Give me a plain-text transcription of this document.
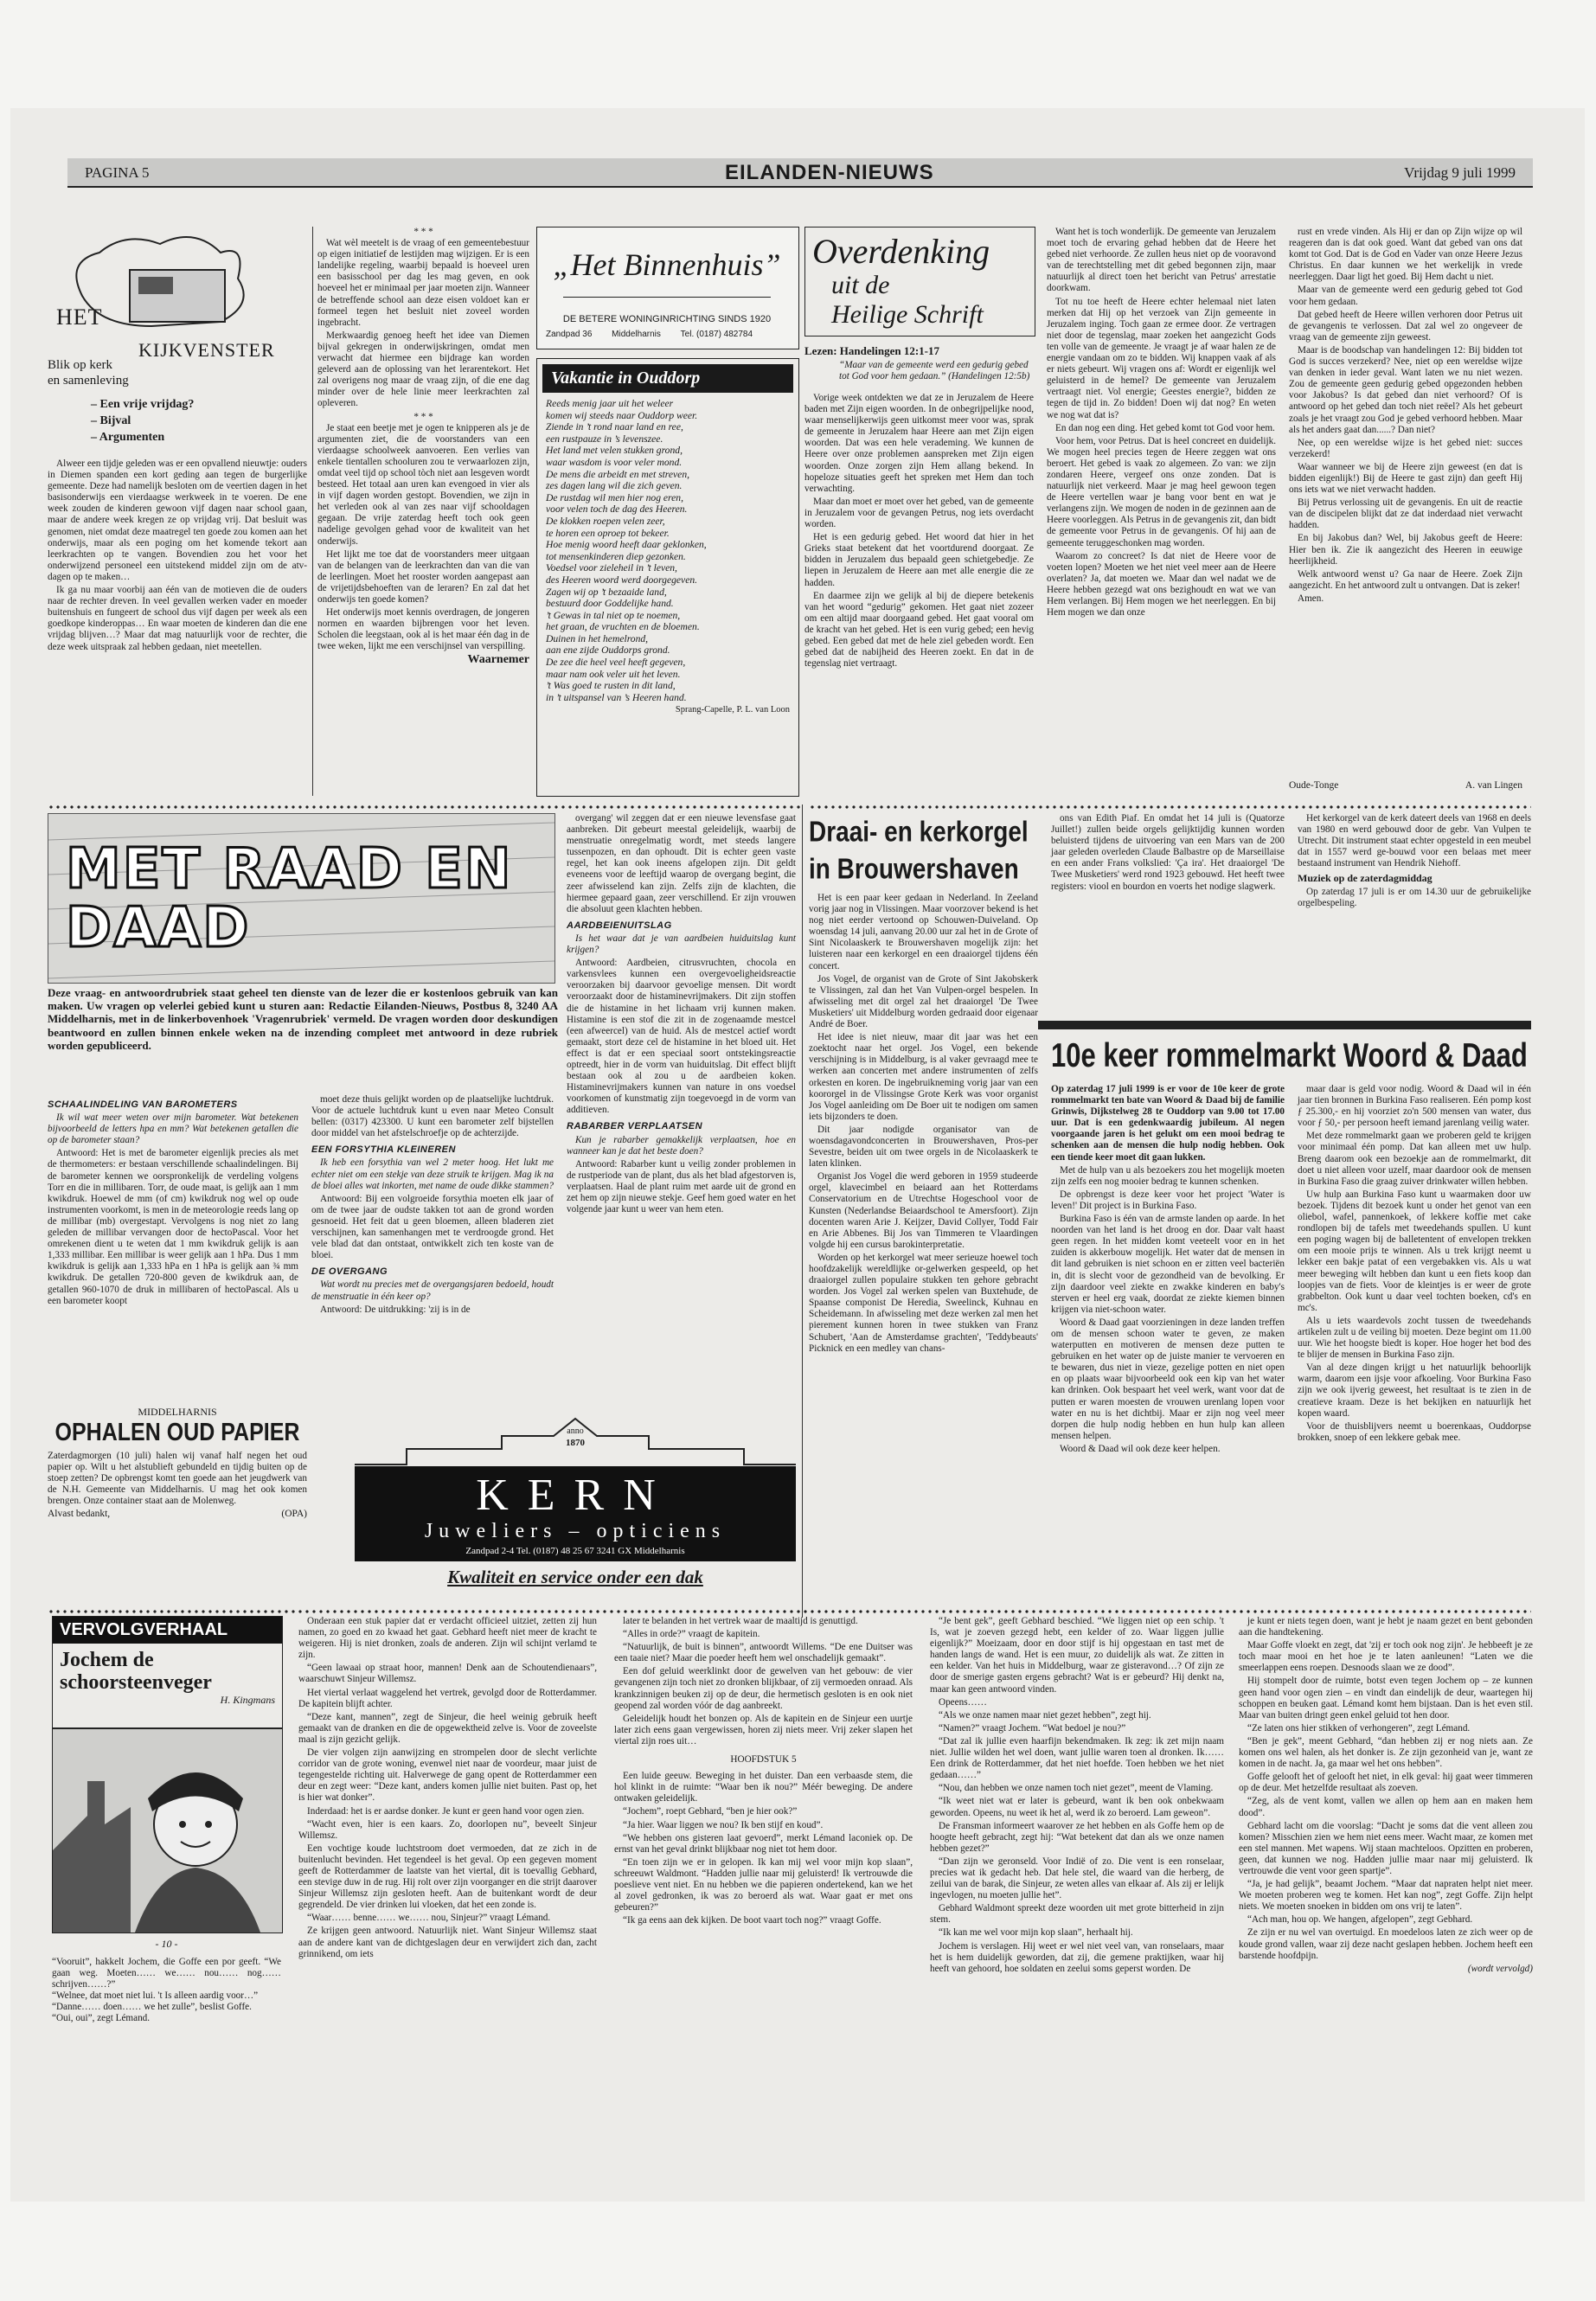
PAGINA 5	EILANDEN-NIEUWS	Vrijdag 9 juli 1999
HET
KIJKVENSTER
Blik op kerk
en samenleving
– Een vrije vrijdag?
– Bijval
– Argumenten

Alweer een tijdje geleden was er een opvallend nieuwtje: ouders in Diemen spanden een kort geding aan tegen de burgerlijke gemeente. Deze had namelijk besloten om de veertien dagen in het basisonderwijs een vierdaagse werkweek in te voeren. De ene week zouden de kinderen gewoon vijf dagen naar school gaan, maar de andere week kregen ze op vrijdag vrij. Dat besluit was genomen, niet omdat deze maatregel ten goede zou komen aan het onderwijs, maar als een poging om het komende tekort aan leerkrachten op te vangen. Bovendien zou het voor het onderwijzend personeel een uitstekend middel zijn om de atv-dagen op te maken…

Ik ga nu maar voorbij aan één van de motieven die de ouders naar de rechter dreven. In veel gevallen werken vader en moeder buitenshuis en fungeert de school dus vijf dagen per week als een goedkope kinderoppas… En waar moeten de kinderen dan die ene vrijdag blijven…? Maar dat mag natuurlijk voor de rechter, die deze week uitspraak zal hebben gedaan, niet meetellen.

* * *

Wat wèl meetelt is de vraag of een gemeentebestuur op eigen initiatief de lestijden mag wijzigen. Er is een landelijke regeling, waarbij bepaald is hoeveel uren een basisschool per dag les mag geven, en ook hoeveel het er minimaal per jaar moeten zijn. Wanneer de betreffende school aan deze eisen voldoet kan er formeel tegen het besluit niet zoveel worden ingebracht.

Merkwaardig genoeg heeft het idee van Diemen bijval gekregen in onderwijskringen, omdat men verwacht dat hiermee een bijdrage kan worden geleverd aan de oplossing van het lerarentekort. Het zal overigens nog maar de vraag zijn, of die ene dag minder over de hele linie meer leerkrachten zal opleveren.

* * *

Je staat een beetje met je ogen te knipperen als je de argumenten ziet, die de voorstanders van een vierdaagse schoolweek aanvoeren. Een verlies van enkele tientallen schooluren zou te verwaarlozen zijn, omdat veel tijd op school tòch niet aan lesgeven wordt besteed. Het totaal aan uren kan evengoed in vier als in vijf dagen worden gestopt. Bovendien, we zijn in het verleden ook al van zes naar vijf schooldagen gegaan. De vrije zaterdag heeft toch ook geen nadelige gevolgen gehad voor de kwaliteit van het onderwijs.

Het lijkt me toe dat de voorstanders meer uitgaan van de belangen van de leerkrachten dan van die van de leerlingen. Moet het rooster worden aangepast aan de vrijetijdsbehoeften van de leraren? En zal dat het onderwijs ten goede komen?

Het onderwijs moet kennis overdragen, de jongeren normen en waarden bijbrengen voor het leven. Scholen die leegstaan, ook al is het maar één dag in de twee weken, lijkt me een verschijnsel van verspilling.

Waarnemer
„Het Binnenhuis”
DE BETERE WONINGINRICHTING SINDS 1920
Zandpad 36 Middelharnis Tel. (0187) 482784
Vakantie in Ouddorp
Reeds menig jaar uit het weleer
komen wij steeds naar Ouddorp weer.
Ziende in ’t rond naar land en ree,
een rustpauze in ’s levenszee.
Het land met velen stukken grond,
waar wasdom is voor veler mond.
De mens die arbeidt en met streven,
zes dagen lang wil die zich geven.
De rustdag wil men hier nog eren,
voor velen toch de dag des Heeren.
De klokken roepen velen zeer,
te horen een oproep tot bekeer.
Hoe menig woord heeft daar geklonken,
tot mensenkinderen diep gezonken.
Voedsel voor zieleheil in ’t leven,
des Heeren woord werd doorgegeven.
Zagen wij op ’t bezaaide land,
bestuurd door Goddelijke hand.
’t Gewas in tal niet op te noemen,
het graan, de vruchten en de bloemen.
Duinen in het hemelrond,
aan ene zijde Ouddorps grond.
De zee die heel veel heeft gegeven,
maar nam ook veler uit het leven.
’t Was goed te rusten in dit land,
in ’t uitspansel van ’s Heeren hand.
Sprang-Capelle, P. L. van Loon
Overdenking
uit de
Heilige Schrift
Lezen: Handelingen 12:1-17
“Maar van de gemeente werd een gedurig gebed tot God voor hem gedaan.” (Handelingen 12:5b)

Vorige week ontdekten we dat ze in Jeruzalem de Heere baden met Zijn eigen woorden. In de onbegrijpelijke nood, waar menselijkerwijs geen uitkomst meer voor was, sprak de gemeente in Jeruzalem haar Heere aan met Zijn eigen woorden. Dat was een hele verademing. We kunnen de Heere over onze problemen aanspreken met Zijn eigen woorden. Onze zorgen zijn Hem allang bekend. In hopeloze situaties geeft het spreken met Hem dan toch verwachting.

Maar dan moet er moet over het gebed, van de gemeente in Jeruzalem voor de gevangen Petrus, nog iets overdacht worden.

Het is een gedurig gebed. Het woord dat hier in het Grieks staat betekent dat het voortdurend doorgaat. Ze bidden in Jeruzalem dus bepaald geen schietgebedje. Ze liepen in Jeruzalem de Heere aan met alle energie die ze hadden.

En daarmee zijn we gelijk al bij de diepere betekenis van het woord “gedurig” gekomen. Het gaat niet zozeer om een altijd maar doorgaand gebed. Het gaat vooral om de kracht van het gebed. Het is een vurig gebed; een hevig gebed. Een gebed dat met de hele ziel gebeden wordt. Een gebed dat de nabijheid des Heeren zoekt. En dat in de tegenslag niet vertraagt.

Want het is toch wonderlijk. De gemeente van Jeruzalem moet toch de ervaring gehad hebben dat de Heere het gebed niet verhoorde. Ze zullen heus niet op de vooravond van de terechtstelling met dit gebed begonnen zijn, maar natuurlijk al direct toen het bericht van Petrus' arrestatie doorkwam.

Tot nu toe heeft de Heere echter helemaal niet laten merken dat Hij op het verzoek van Zijn gemeente in Jeruzalem inging. Toch gaan ze ermee door. Ze vertragen niet door de tegenslag, maar zoeken het aangezicht Gods ten volle van de gemeente. Je vraagt je af waar halen ze de energie vandaan om zo te bidden. Wij knappen vaak af als er niets gebeurt. Wij vragen ons af: Wordt er eigenlijk wel geluisterd in de hemel? De gemeente van Jeruzalem vertraagt niet. Vol energie; Geestes energie?, bidden ze tegen de tijd in. Zo bidden! Doen wij dat nog? En weten we nog wat dat is?

En dan nog een ding. Het gebed komt tot God voor hem.

Voor hem, voor Petrus. Dat is heel concreet en duidelijk. We mogen heel precies tegen de Heere zeggen wat ons beroert. Het gebed is vaak zo algemeen. Zo van: we zijn zondaren Heere, vergeef ons onze zonden. Dat is natuurlijk niet verkeerd. Maar je mag heel gewoon tegen de Heere vertellen waar je bang voor bent en wat je verlangens zijn. We mogen de noden in de gezinnen aan de Heere voorleggen. Als Petrus in de gevangenis zit, dan bidt de gemeente voor Petrus in de gevangenis. Of hij aan de gemeente teruggeschonken mag worden.

Waarom zo concreet? Is dat niet de Heere voor de voeten lopen? Moeten we het niet veel meer aan de Heere overlaten? Ja, dat moeten we. Maar dan wel nadat we de Heere hebben gezegd wat ons bezighoudt en wat we van Hem verlangen. Bij Hem mogen we het neerleggen. En bij Hem mogen we dan onze

rust en vrede vinden. Als Hij er dan op Zijn wijze op wil reageren dan is dat ook goed. Want dat gebed van ons dat komt tot God. Dat is de God en Vader van onze Heere Jezus Christus. En daar kunnen we het werkelijk in vrede neerleggen. Daar ligt het goed. Bij Hem dacht u niet.

Maar van de gemeente werd een gedurig gebed tot God voor hem gedaan.

Dat gebed heeft de Heere willen verhoren door Petrus uit de gevangenis te verlossen. Dat zal wel zo ongeveer de vraag van de gemeente zijn geweest.

Maar is de boodschap van handelingen 12: Bij bidden tot God is succes verzekerd? Nee, niet op een wereldse wijze van denken in ieder geval. Want laten we nu niet wezen. Zou de gemeente geen gedurig gebed opgezonden hebben voor Jakobus? Is dat gebed dan niet verhoord? Of is antwoord op het gebed dan toch niet reëel? Als het gebeurt zoals je het vraagt zou God je gebed verhoord hebben. Maar als het anders gaat dan......? Dan niet?

Nee, op een wereldse wijze is het gebed niet: succes verzekerd!

Waar wanneer we bij de Heere zijn geweest (en dat is bidden eigenlijk!) Bij de Heere te gast zijn) dan geeft Hij ons iets wat we niet verwacht hadden.

Bij Petrus verlossing uit de gevangenis. En uit de reactie van de discipelen blijkt dat ze dat inderdaad niet verwacht hadden.

En bij Jakobus dan? Wel, bij Jakobus geeft de Heere: Hier ben ik. Zie ik aangezicht des Heeren in eeuwige heerlijkheid.

Welk antwoord wenst u? Ga naar de Heere. Zoek Zijn aangezicht. En het antwoord zult u ontvangen. Dat is zeker!

Amen.

Oude-Tonge	A. van Lingen
MET RAAD EN DAAD
Deze vraag- en antwoordrubriek staat geheel ten dienste van de lezer die er kostenloos gebruik van kan maken. Uw vragen op velerlei gebied kunt u sturen aan: Redactie Eilanden-Nieuws, Postbus 8, 3240 AA Middelharnis, met in de linkerbovenhoek 'Vragenrubriek' vermeld. De vragen worden door deskundigen beantwoord en zullen binnen enkele weken na de inzending compleet met antwoord in deze rubriek worden gepubliceerd.
SCHAALINDELING VAN BAROMETERS

Ik wil wat meer weten over mijn barometer. Wat betekenen bijvoorbeeld de letters hpa en mm? Wat betekenen getallen die op de barometer staan?

Antwoord: Het is met de barometer eigenlijk precies als met de thermometers: er bestaan verschillende schaalindelingen. Bij de barometer kennen we oorspronkelijk de verdeling volgens Torr en die in millibaren. Torr, de oude maat, is gelijk aan 1 mm kwikdruk. Hoewel de mm (of cm) kwikdruk nog wel op oude instrumenten voorkomt, is men in de meteorologie reeds lang op de millibar (mb) overgestapt. Vervolgens is nog niet zo lang geleden de millibar vervangen door de hectoPascal. Voor het omrekenen dient u te weten dat 1 mm kwikdruk gelijk is aan 1,333 millibar. Een millibar is weer gelijk aan 1 hPa. Dus 1 mm kwikdruk is gelijk aan 1,333 hPa en 1 hPa is gelijk aan ¾ mm kwikdruk. De getallen 720-800 geven de kwikdruk aan, de getallen 960-1070 de druk in millibaren of hectoPascal. Als u een barometer koopt

moet deze thuis gelijkt worden op de plaatselijke luchtdruk. Voor de actuele luchtdruk kunt u even naar Meteo Consult bellen: (0317) 423300. U kunt een barometer zelf bijstellen door middel van het afstelschroefje op de achterzijde.

EEN FORSYTHIA KLEINEREN

Ik heb een forsythia van wel 2 meter hoog. Het lukt me echter niet om een stekje van deze struik te krijgen. Mag ik na de bloei alles wat inkorten, met name de oude dikke stammen?

Antwoord: Bij een volgroeide forsythia moeten elk jaar of om de twee jaar de oudste takken tot aan de grond worden gesnoeid. Het feit dat u geen bloemen, alleen bladeren ziet verschijnen, kan samenhangen met te verdroogde grond. Het vele blad dat dan ontstaat, ontwikkelt zich ten koste van de bloei.

DE OVERGANG

Wat wordt nu precies met de overgangsjaren bedoeld, houdt de menstruatie in één keer op?

Antwoord: De uitdrukking: 'zij is in de

overgang' wil zeggen dat er een nieuwe levensfase gaat aanbreken. Dit gebeurt meestal geleidelijk, waarbij de menstruatie onregelmatig wordt, met steeds langere tussenpozen, en dan ophoudt. Dit is echter geen vaste regel, het kan ook ineens afgelopen zijn. Dit geldt eveneens voor de leeftijd waarop de overgang begint, die zeer afwisselend kan zijn. Zelfs zijn de klachten, die hiermee gepaard gaan, zeer verschillend. Er zijn vrouwen die absoluut geen klachten hebben.

AARDBEIENUITSLAG

Is het waar dat je van aardbeien huiduitslag kunt krijgen?

Antwoord: Aardbeien, citrusvruchten, chocola en varkensvlees kunnen een overgevoeligheidsreactie veroorzaken bij daarvoor gevoelige mensen. Dit wordt veroorzaakt door de histaminevrijmakers. Dit zijn stoffen die de histamine in het lichaam vrij kunnen maken. Histamine is een stof die zit in de zogenaamde mestcel (een afweercel) van de huid. Als de mestcel actief wordt gemaakt, stort deze cel de histamine in het bloed uit. Het effect is dat er een speciaal soort ontstekingsreactie optreedt, hier in de vorm van huiduitslag. Dit effect blijft bestaan ook al zou u de aardbeien koken. Histaminevrijmakers kunnen van nature in ons voedsel voorkomen of kunstmatig zijn toegevoegd in de vorm van additieven.

RABARBER VERPLAATSEN

Kun je rabarber gemakkelijk verplaatsen, hoe en wanneer kan je dat het beste doen?

Antwoord: Rabarber kunt u veilig zonder problemen in de rustperiode van de plant, dus als het blad afgestorven is, verplaatsen. Haal de plant ruim met aarde uit de grond en zet hem op zijn nieuwe stekje. Geef hem goed water en het volgende jaar kunt u weer van hem eten.

MIDDELHARNIS
OPHALEN OUD PAPIER
Zaterdagmorgen (10 juli) halen wij vanaf half negen het oud papier op. Wilt u het alstublieft gebundeld en tijdig buiten op de stoep zetten? De opbrengst komt ten goede aan het jeugdwerk van de N.H. Gemeente van Middelharnis. U mag het ook komen brengen. Onze container staat aan de Molenweg.
Alvast bedankt,	(OPA)
anno
1870
KERN
Juweliers – opticiens
Zandpad 2-4 Tel. (0187) 48 25 67 3241 GX Middelharnis
Kwaliteit en service onder een dak
Draai- en kerkorgel
in Brouwershaven

Het is een paar keer gedaan in Nederland. In Zeeland vorig jaar nog in Vlissingen. Maar voorzover bekend is het nog niet eerder vertoond op Schouwen-Duiveland. Op woensdag 14 juli, aanvang 20.00 uur zal het in de Grote of Sint Nicolaaskerk te Brouwershaven mogelijk zijn: het luisteren naar een kerkorgel en een draaiorgel tijdens één concert.

Jos Vogel, de organist van de Grote of Sint Jakobskerk te Vlissingen, zal dan het Van Vulpen-orgel bespelen. In afwisseling met dit orgel zal het draaiorgel 'De Twee Musketiers' uit Middelburg worden gedraaid door eigenaar André de Boer.

Het idee is niet nieuw, maar dit jaar was het een zoektocht naar het orgel. Jos Vogel, een bekende verschijning is in Middelburg, is al vaker gevraagd mee te werken aan concerten met andere instrumenten of zelfs orkesten en koren. De ingebruikneming vorig jaar van een koororgel in de Vlissingse Grote Kerk was voor organist Jos Vogel aanleiding om De Boer uit te nodigen om samen iets bijzonders te doen.

Dit jaar nodigde organisator van de woensdagavondconcerten in Brouwershaven, Pros-per Sevestre, beiden uit om twee orgels in de Nicolaaskerk te laten klinken.

Organist Jos Vogel die werd geboren in 1959 studeerde orgel, klavecimbel en beiaard aan het Rotterdams Conservatorium en de Utrechtse Hogeschool voor de Kunsten (Nederlandse Beiaardschool te Amersfoort). Zijn docenten waren Arie J. Keijzer, David Collyer, Todd Fair en Arie Abbenes. Bij Jos van Timmeren te Vlaardingen volgde hij een cursus barokinterpretatie.

Worden op het kerkorgel wat meer serieuze hoewel toch hoofdzakelijk wereldlijke or-gelwerken gespeeld, op het draaiorgel zullen populaire stukken ten gehore gebracht worden. Jos Vogel zal werken spelen van Buxtehude, de Spaanse componist De Heredia, Sweelinck, Kuhnau en Scheidemann. In afwisseling met deze werken zal men het pierement kunnen horen in twee stukken van Franz Schubert, 'Aan de Amsterdamse grachten', 'Teddybeauts' Picknick en een medley van chans-

ons van Edith Piaf. En omdat het 14 juli is (Quatorze Juillet!) zullen beide orgels gelijktijdig kunnen worden beluisterd tijdens de uitvoering van een Mars van de 200 jaar geleden overleden Claude Balbastre op de Marseillaise en een ander Frans volkslied: 'Ça ira'. Het draaiorgel 'De Twee Musketiers' werd rond 1923 gebouwd. Het heeft twee registers: viool en bourdon en voerts het nodige slagwerk.

Het kerkorgel van de kerk dateert deels van 1968 en deels van 1980 en werd gebouwd door de gebr. Van Vulpen te Utrecht. Dit instrument staat echter opgesteld in een meubel dat in 1557 werd ge-bouwd voor een belaas met meer bestaand instrument van Hendrik Niehoff.

Muziek op de zaterdagmiddag

Op zaterdag 17 juli is er om 14.30 uur de gebruikelijke orgelbespeling.

10e keer rommelmarkt Woord & Daad

Op zaterdag 17 juli 1999 is er voor de 10e keer de grote rommelmarkt ten bate van Woord & Daad bij de familie Grinwis, Dijkstelweg 28 te Ouddorp van 9.00 tot 17.00 uur. Dat is een gedenkwaardig jubileum. Al negen voorgaande jaren is het gelukt om een mooi bedrag te schenken aan de mensen die hulp nodig hebben. Ook een tiende keer moet dit gaan lukken.

Met de hulp van u als bezoekers zou het mogelijk moeten zijn zelfs een nog mooier bedrag te kunnen schenken.

De opbrengst is deze keer voor het project 'Water is leven!' Dit project is in Burkina Faso.

Burkina Faso is één van de armste landen op aarde. In het noorden van het land is het droog en dor. Daar valt haast geen regen. In het midden komt veeteelt voor en in het zuiden is akkerbouw mogelijk. Het water dat de mensen in dit land gebruiken is niet schoon en er zitten veel bacteriën in, dit is slecht voor de gezondheid van de bevolking. Er zijn daardoor veel ziekte en zwakke kinderen en baby's sterven er heel erg vaak, doordat ze ziekte kiemen binnen krijgen via niet-schoon water.

Woord & Daad gaat voorzieningen in deze landen treffen om de mensen schoon water te geven, ze maken waterputten en motiveren de mensen deze putten te gebruiken en het water op de juiste manier te vervoeren en te bewaren, dus niet in vieze, gezelige potten en niet open en op plaats waar bijvoorbeeld ook een kip van het water kan drinken. Ook bespaart het veel werk, want voor dat de putten er waren moesten de vrouwen urenlang lopen voor water en nu is het dichtbij. Maar er zijn nog veel meer dorpen die hulp nodig hebben en hun hulp kan alleen mensen helpen.

Woord & Daad wil ook deze keer helpen.

maar daar is geld voor nodig. Woord & Daad wil in één jaar tien bronnen in Burkina Faso realiseren. Eén pomp kost ƒ 25.300,- en hij voorziet zo'n 500 mensen van water, dus voor ƒ 50,- per persoon heeft iemand jarenlang veilig water.

Met deze rommelmarkt gaan we proberen geld te krijgen voor minimaal één pomp. Dat kan alleen met uw hulp. Breng daarom ook een bezoekje aan de rommelmarkt, dit doet u niet alleen voor uzelf, maar daardoor ook de mensen in Burkina Faso die graag zuiver drinkwater willen hebben.

Uw hulp aan Burkina Faso kunt u waarmaken door uw bezoek. Tijdens dit bezoek kunt u onder het genot van een oliebol, wafel, pannenkoek, of lekkere koffie met cake rondlopen bij de tafels met tweedehands spullen. U kunt een poging wagen bij de balletentent of envelopen trekken om een mooie prijs te winnen. Als u trek krijgt neemt u lekker een bakje patat of een vergebakken vis. Als u wat meer beweging wilt hebben dan kunt u een fiets koop dan loopjes van de fiets. Voor de kleintjes is er weer de grote grabbelton. Ook kunt u daar veel tochten boeken, cd's en mc's.

Als u iets waardevols zocht tussen de tweedehands artikelen zult u de veiling bij moeten. Deze begint om 11.00 uur. Wie het hoogste biedt is koper. Hoe hoger het bod des te blijer de mensen in Burkina Faso zijn.

Van al deze dingen krijgt u het natuurlijk behoorlijk warm, daarom een ijsje voor afkoeling. Voor Burkina Faso zijn we ook ijverig geweest, het resultaat is te zien in de creatieve kraam. Deze is het bekijken en natuurlijk het kopen waard.

Voor de thuisblijvers neemt u boerenkaas, Ouddorpse brokken, snoep of een lekkere gebak mee.

VERVOLGVERHAAL
Jochem de schoorsteenveger
H. Kingmans
- 10 -
“Vooruit”, hakkelt Jochem, die Goffe een por geeft. “We gaan weg. Moeten…… we…… nou…… nog…… schrijven……?”
“Welnee, dat moet niet lui. 't Is alleen aardig voor…”
“Danne…… doen…… we het zulle”, beslist Goffe.
“Oui, oui”, zegt Lémand.

Onderaan een stuk papier dat er verdacht officieel uitziet, zetten zij hun namen, zo goed en zo kwaad het gaat. Gebhard heeft niet meer de kracht te weigeren. Hij is niet dronken, zoals de anderen. Zijn wil schijnt verlamd te zijn.

“Geen lawaai op straat hoor, mannen! Denk aan de Schoutendienaars”, waarschuwt Sinjeur Willemsz.

Het viertal verlaat waggelend het vertrek, gevolgd door de Rotterdammer. De kapitein blijft achter.

“Deze kant, mannen”, zegt de Sinjeur, die heel weinig gebruik heeft gemaakt van de dranken en die de opgewektheid zelve is. Voor de zoveelste maal is zijn gezicht gelijk.

De vier volgen zijn aanwijzing en strompelen door de slecht verlichte corridor van de grote woning, evenwel niet naar de voordeur, maar juist de tegengestelde richting uit. Halverwege de gang opent de Rotterdammer een deur en zegt weer: “Deze kant, anders komen jullie niet buiten. Past op, het is hier wat donker”.

Inderdaad: het is er aardse donker. Je kunt er geen hand voor ogen zien.

“Wacht even, hier is een kaars. Zo, doorlopen nu”, beveelt Sinjeur Willemsz.

Een vochtige koude luchtstroom doet vermoeden, dat ze zich in de buitenlucht bevinden. Het tegendeel is het geval. Op een gegeven moment geeft de Rotterdammer de laatste van het viertal, dit is toevallig Gebhard, een stevige duw in de rug. Hij rolt over zijn voorganger en die strijt daarover Sinjeur Willemsz zijn gesloten heeft. Aan de buitenkant wordt de deur gegrendeld. De vier drinken lui vloeken, dat het een zonde is.

“Waar…… benne…… we…… nou, Sinjeur?” vraagt Lémand.

Ze krijgen geen antwoord. Natuurlijk niet. Want Sinjeur Willemsz staat aan de andere kant van de dichtgeslagen deur en verwijdert zich dan, zacht grinnikend, om iets

later te belanden in het vertrek waar de maaltijd is genuttigd.

“Alles in orde?” vraagt de kapitein.

“Natuurlijk, de buit is binnen”, antwoordt Willems. “De ene Duitser was een taaie niet? Maar die poeder heeft hem wel onschadelijk gemaakt”.

Een dof geluid weerklinkt door de gewelven van het gebouw: de vier gevangenen zijn toch niet zo dronken blijkbaar, of zij vermoeden onraad. Als krankzinnigen beuken zij op de deur, die hermetisch gesloten is en ook niet geopend zal worden vóór de dag aanbreekt.

Geleidelijk houdt het bonzen op. Als de kapitein en de Sinjeur een uurtje later zich eens gaan vergewissen, horen zij niets meer. Vrij zeker slapen het viertal zijn roes uit…

HOOFDSTUK 5

Een luide geeuw. Beweging in het duister. Dan een verbaasde stem, die hol klinkt in de ruimte: “Waar ben ik nou?” Méér beweging. De andere ontwaken geleidelijk.

“Jochem”, roept Gebhard, “ben je hier ook?”

“Ja hier. Waar liggen we nou? Ik ben stijf en koud”.

“We hebben ons gisteren laat gevoerd”, merkt Lémand laconiek op. De ernst van het geval drinkt blijkbaar nog niet tot hem door.

“En toen zijn we er in gelopen. Ik kan mij wel voor mijn kop slaan”, schreeuwt Waldmont. “Hadden jullie naar mij geluisterd! Ik vertrouwde die poeslieve vent niet. En nu hebben we die papieren ondertekend, kan we het al zovel gedronken, ik was zo beroerd als wat. Waar gaat er met ons gebeuren?”

“Ik ga eens aan dek kijken. De boot vaart toch nog?” vraagt Goffe.

“Je bent gek”, geeft Gebhard beschied. “We liggen niet op een schip. 't Is, wat je zoeven gezegd hebt, een kelder of zo. Waar liggen jullie eigenlijk?” Moeizaam, door en door stijf is hij opgestaan en tast met de handen langs de wand. Het is een muur, zo duidelijk als wat. Ze zitten in een kelder. Van het huis in Middelburg, waar ze gisteravond…? Of zijn ze door de smerige gasten ergens gebracht? Wat is er gebeurd? Hij denkt na, maar kan geen antwoord vinden.

Opeens……

“Als we onze namen maar niet gezet hebben”, zegt hij.

“Namen?” vraagt Jochem. “Wat bedoel je nou?”

“Dat zal ik jullie even haarfijn bekendmaken. Ik zeg: ik zet mijn naam niet. Jullie wilden het wel doen, want jullie waren toen al dronken. Ik…… Een drink de Rotterdammer, dat het niet hoefde. Toen hebben we het niet gedaan……”

“Nou, dan hebben we onze namen toch niet gezet”, meent de Vlaming.

“Ik weet niet wat er later is gebeurd, want ik ben ook onbekwaam geworden. Opeens, nu weet ik het al, werd ik zo beroerd. Lam geweon”.

De Fransman informeert waarover ze het hebben en als Goffe hem op de hoogte heeft gebracht, zegt hij: “Wat betekent dat dan als we onze namen hebben gezet?”

“Dan zijn we geronseld. Voor Indië of zo. Die vent is een ronselaar, precies wat ik gedacht heb. Dat hele stel, die waard van die herberg, de zeilui van de barak, die Sinjeur, ze weten alles van elkaar af. Als zij er lelijk ingevlogen, nu moeten jullie het”.

Gebhard Waldmont spreekt deze woorden uit met grote bitterheid in zijn stem.

“Ik kan me wel voor mijn kop slaan”, herhaalt hij.

Jochem is verslagen. Hij weet er wel niet veel van, van ronselaars, maar het is hem duidelijk geworden, dat zij, die gemene praktijken, waar hij heeft van gehoord, hoe soldaten en zeelui soms geperst worden. De

je kunt er niets tegen doen, want je hebt je naam gezet en bent gebonden aan die handtekening.

Maar Goffe vloekt en zegt, dat 'zij er toch ook nog zijn'. Je hebbeeft je ze toch maar mooi en het hoe je te laten aanleunen! “Laten we die smeerlappen eens roepen. Desnoods slaan we ze dood”.

Hij stompelt door de ruimte, botst even tegen Jochem op – ze kunnen geen hand voor ogen zien – en vindt dan eindelijk de deur, waartegen hij schoppen en beuken gaat. Lémand komt hem bijstaan. Dan is het even stil. Maar van buiten dringt geen enkel geluid tot hen door.

“Ze laten ons hier stikken of verhongeren”, zegt Lémand.

“Ben je gek”, meent Gebhard, “dan hebben zij er nog niets aan. Ze komen ons wel halen, als het donker is. Ze zijn gezonheid van je, want ze komen in de nacht. Ja, ga maar wel het ons hebben”.

Goffe gelooft het of gelooft het niet, in elk geval: hij gaat weer timmeren op de deur. Met hetzelfde resultaat als zoeven.

“Zeg, als de vent komt, vallen we allen op hem aan en maken hem dood”.

Gebhard lacht om die voorslag: “Dacht je soms dat die vent alleen zou komen? Misschien zien we hem niet eens meer. Wacht maar, ze komen met een stel mannen. Met wapens. Wij staan machteloos. Opzitten en proberen, geen, dat kunnen we nog. Hadden jullie maar naar mij geluisterd. Ik vertrouwde die vent voor geen spartje”.

“Ja, je had gelijk”, beaamt Jochem. “Maar dat napraten helpt niet meer. We moeten proberen weg te komen. Het kan nog”, zegt Goffe. Zijn helpt niets. We moeten snoeken in bidden om ons vrij te laten”.

“Ach man, hou op. We hangen, afgelopen”, zegt Gebhard.

Ze zijn er nu wel van overtuigd. En moedeloos laten ze zich weer op de koude grond vallen, waar zij deze nacht geslapen hebben. Jochem heeft een barstende hoofdpijn.

(wordt vervolgd)
